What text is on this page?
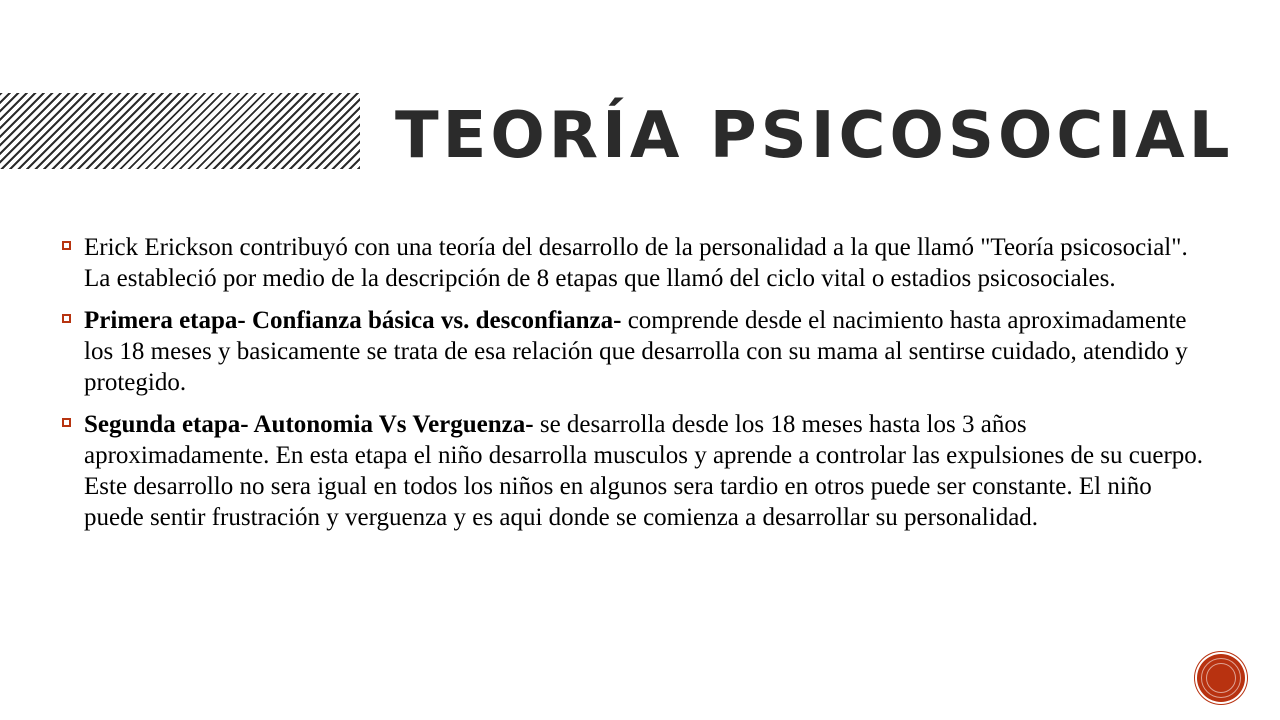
TEORÍA PSICOSOCIAL
Erick Erickson contribuyó con una teoría del desarrollo de la personalidad a la que llamó "Teoría psicosocial". La estableció por medio de la descripción de 8 etapas que llamó del ciclo vital o estadios psicosociales.
Primera etapa- Confianza básica vs. desconfianza- comprende desde el nacimiento hasta aproximadamente los 18 meses y basicamente se trata de esa relación que desarrolla con su mama al sentirse cuidado, atendido y protegido.
Segunda etapa- Autonomia Vs Verguenza- se desarrolla desde los 18 meses hasta los 3 años aproximadamente. En esta etapa el niño desarrolla musculos y aprende a controlar las expulsiones de su cuerpo. Este desarrollo no sera igual en todos los niños en algunos sera tardio en otros puede ser constante. El niño puede sentir frustración y verguenza y es aqui donde se comienza a desarrollar su personalidad.
